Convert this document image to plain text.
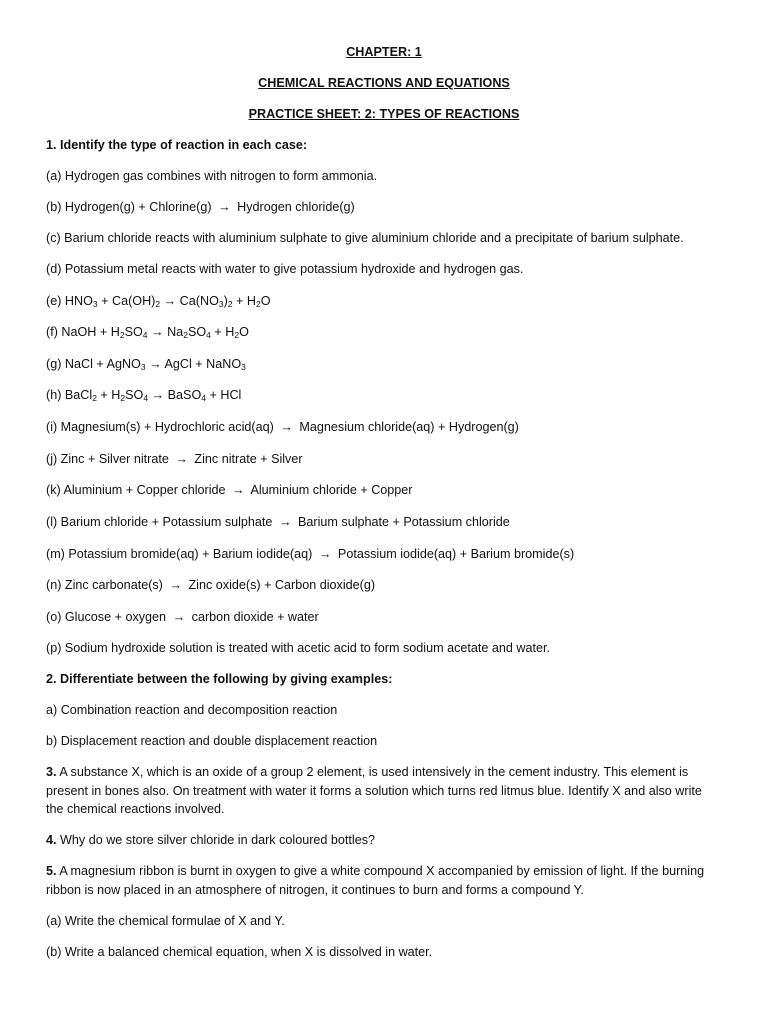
CHAPTER: 1
CHEMICAL REACTIONS AND EQUATIONS
PRACTICE SHEET: 2: TYPES OF REACTIONS
1. Identify the type of reaction in each case:
(a) Hydrogen gas combines with nitrogen to form ammonia.
(b) Hydrogen(g) + Chlorine(g) → Hydrogen chloride(g)
(c) Barium chloride reacts with aluminium sulphate to give aluminium chloride and a precipitate of barium sulphate.
(d) Potassium metal reacts with water to give potassium hydroxide and hydrogen gas.
(e) $HNO_3 + Ca(OH)_2 \to Ca(NO_3)_2 + H_2O$
(f) NaOH + $H_2SO_4 \to Na_2SO_4 + H_2O$
(g) NaCl + AgNO$_3$ → AgCl + NaNO$_3$
(h) BaCl$_2$ + $H_2SO_4$ → BaSO$_4$ + HCl
(i) Magnesium(s) + Hydrochloric acid(aq) → Magnesium chloride(aq) + Hydrogen(g)
(j) Zinc + Silver nitrate → Zinc nitrate + Silver
(k) Aluminium + Copper chloride → Aluminium chloride + Copper
(l) Barium chloride + Potassium sulphate → Barium sulphate + Potassium chloride
(m) Potassium bromide(aq) + Barium iodide(aq) → Potassium iodide(aq) + Barium bromide(s)
(n) Zinc carbonate(s) → Zinc oxide(s) + Carbon dioxide(g)
(o) Glucose + oxygen → carbon dioxide + water
(p) Sodium hydroxide solution is treated with acetic acid to form sodium acetate and water.
2. Differentiate between the following by giving examples:
a) Combination reaction and decomposition reaction
b) Displacement reaction and double displacement reaction
3. A substance X, which is an oxide of a group 2 element, is used intensively in the cement industry. This element is present in bones also. On treatment with water it forms a solution which turns red litmus blue. Identify X and also write the chemical reactions involved.
4. Why do we store silver chloride in dark coloured bottles?
5. A magnesium ribbon is burnt in oxygen to give a white compound X accompanied by emission of light. If the burning ribbon is now placed in an atmosphere of nitrogen, it continues to burn and forms a compound Y.
(a) Write the chemical formulae of X and Y.
(b) Write a balanced chemical equation, when X is dissolved in water.
